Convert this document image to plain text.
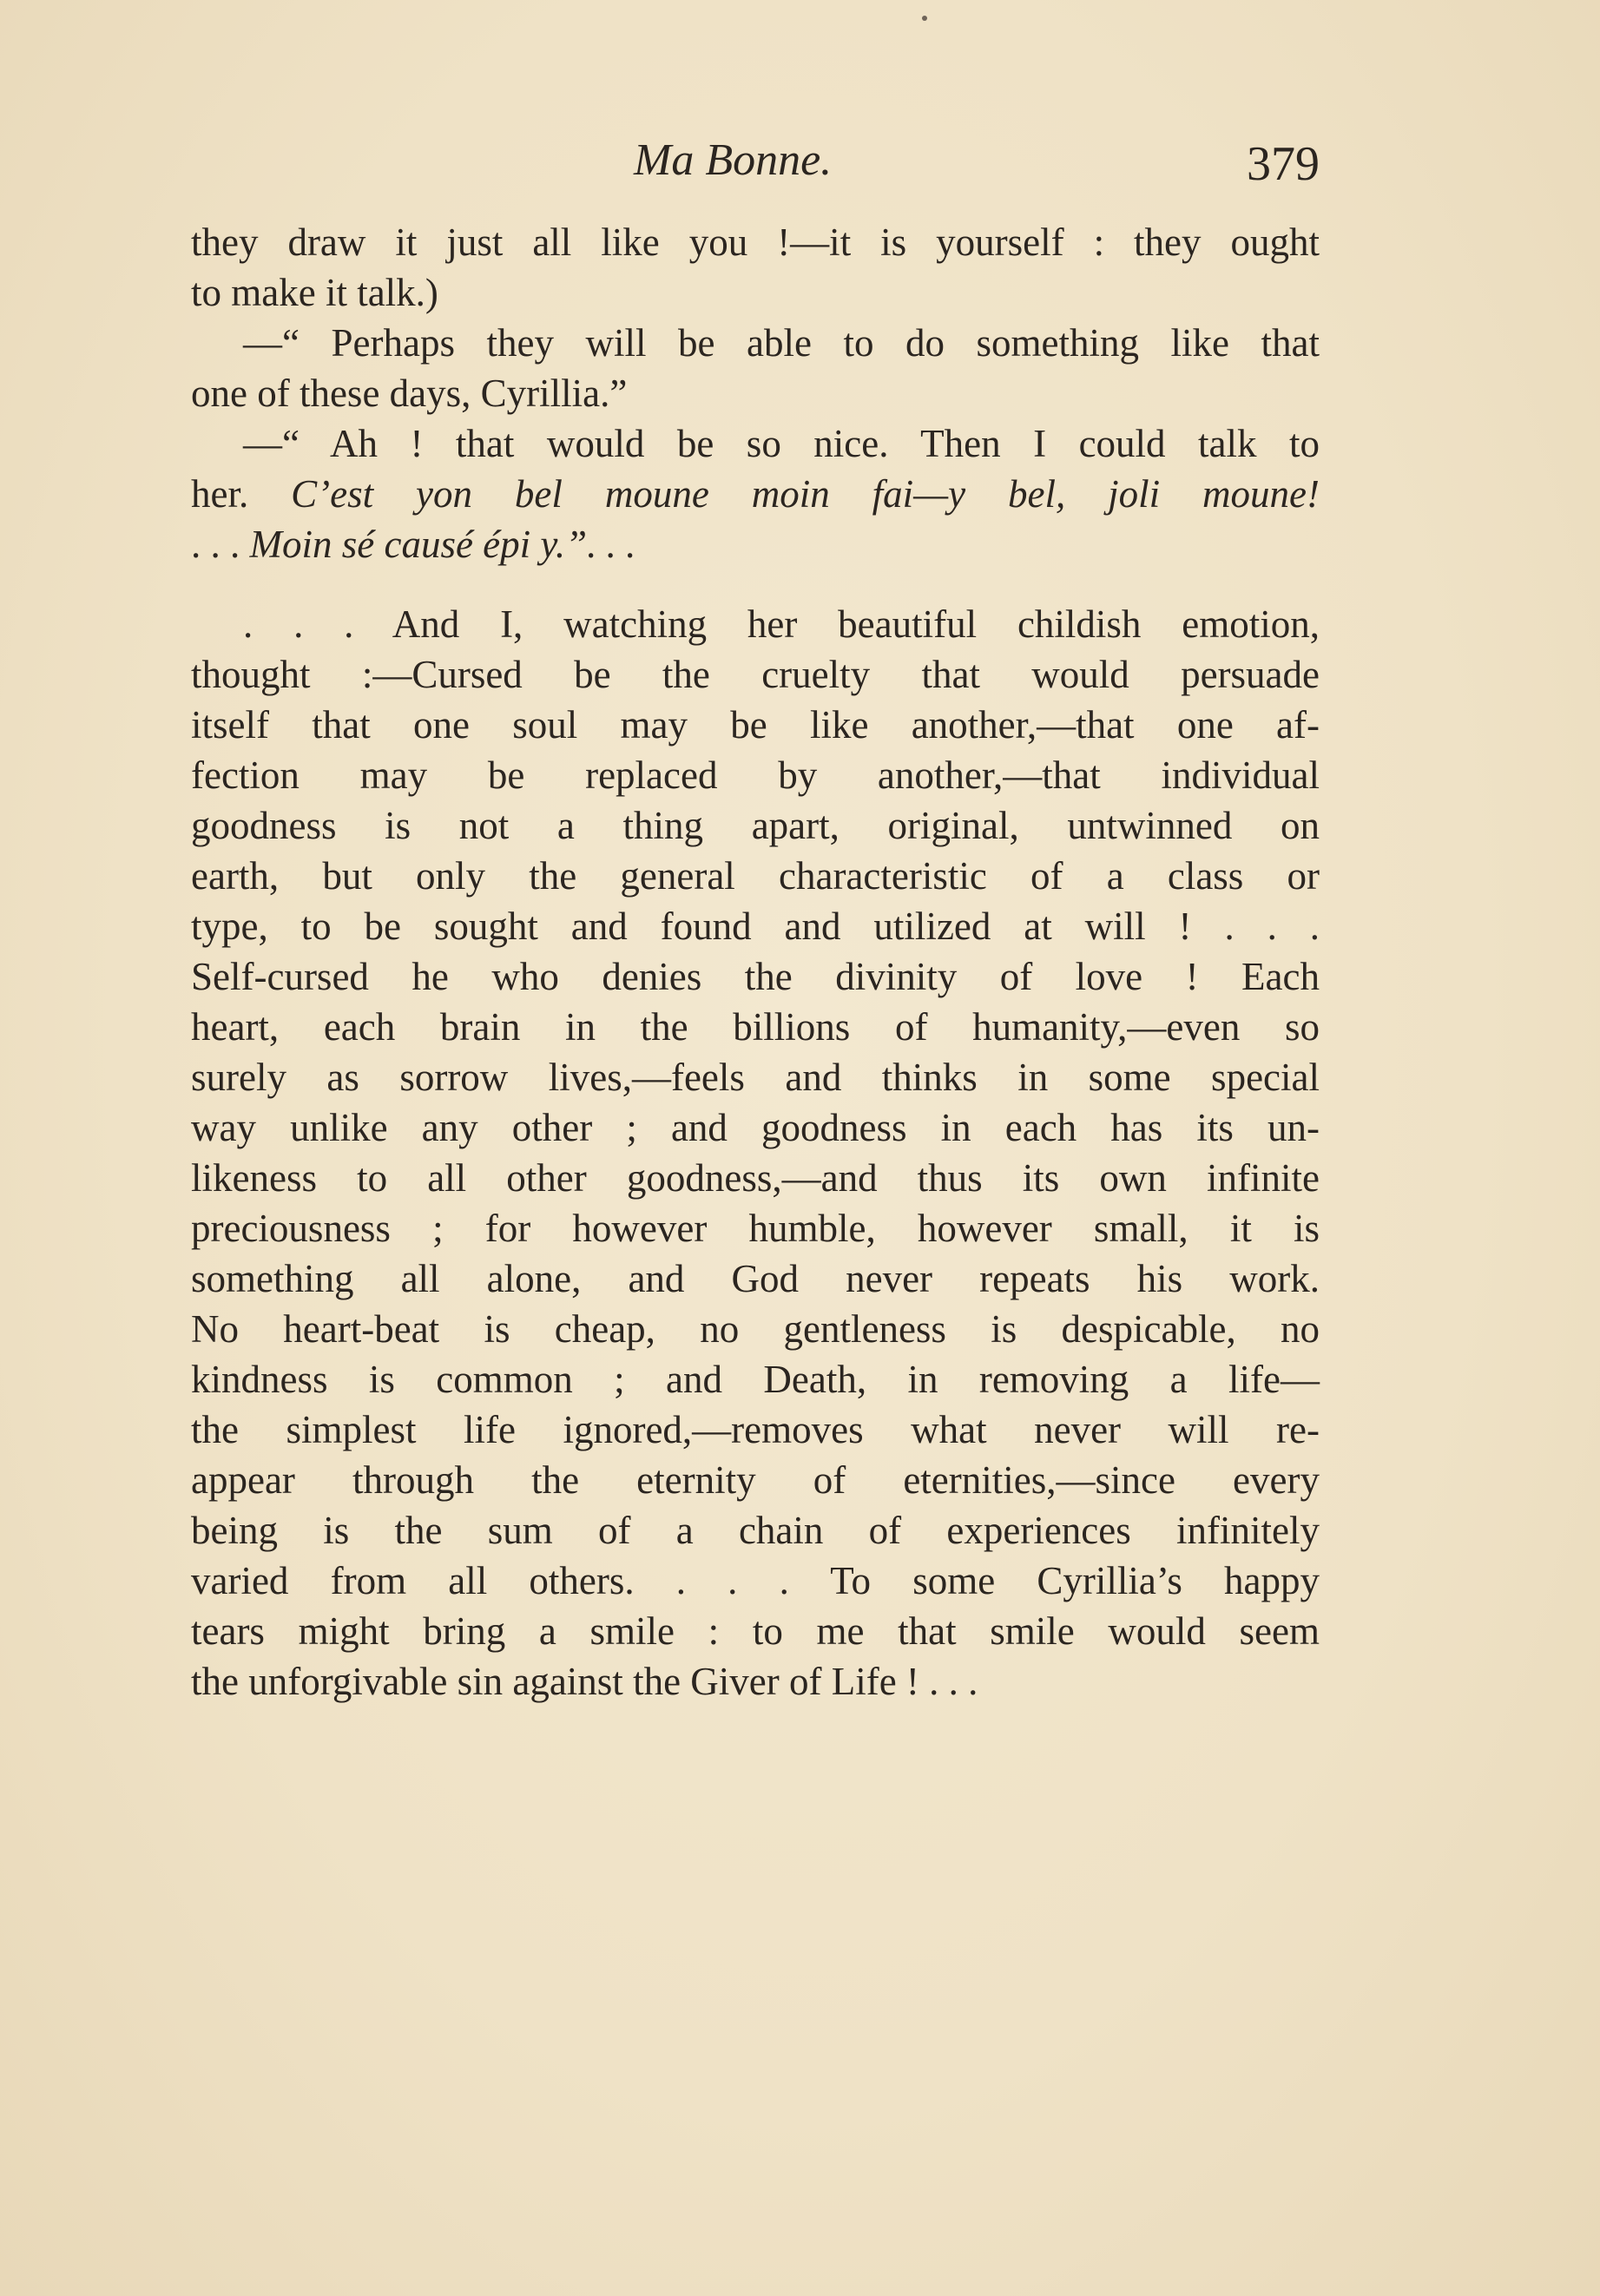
Ma Bonne.	379
they draw it just all like you !—it is yourself : they ought
to make it talk.)
—“ Perhaps they will be able to do something like that
one of these days, Cyrillia.”
—“ Ah ! that would be so nice. Then I could talk to
her. C’est yon bel moune moin fai—y bel, joli moune!
. . . Moin sé causé épi y.”. . .
. . . And I, watching her beautiful childish emotion,
thought :—Cursed be the cruelty that would persuade
itself that one soul may be like another,—that one af-
fection may be replaced by another,—that individual
goodness is not a thing apart, original, untwinned on
earth, but only the general characteristic of a class or
type, to be sought and found and utilized at will ! . . .
Self-cursed he who denies the divinity of love ! Each
heart, each brain in the billions of humanity,—even so
surely as sorrow lives,—feels and thinks in some special
way unlike any other ; and goodness in each has its un-
likeness to all other goodness,—and thus its own infinite
preciousness ; for however humble, however small, it is
something all alone, and God never repeats his work.
No heart-beat is cheap, no gentleness is despicable, no
kindness is common ; and Death, in removing a life—
the simplest life ignored,—removes what never will re-
appear through the eternity of eternities,—since every
being is the sum of a chain of experiences infinitely
varied from all others. . . . To some Cyrillia’s happy
tears might bring a smile : to me that smile would seem
the unforgivable sin against the Giver of Life ! . . .
